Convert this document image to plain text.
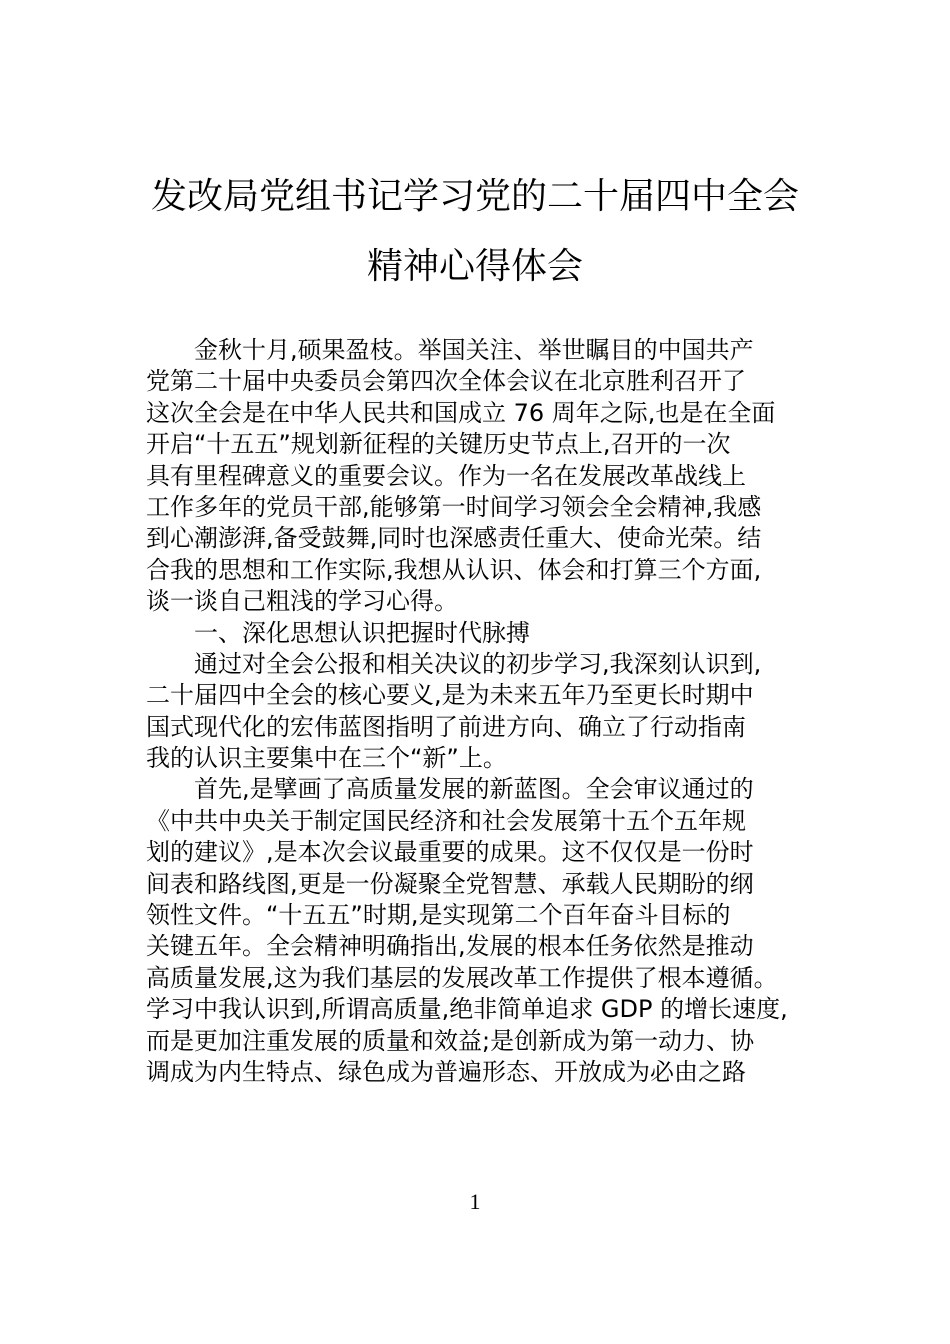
发改局党组书记学习党的二十届四中全会
精神心得体会
金秋十月,硕果盈枝。举国关注、举世瞩目的中国共产
党第二十届中央委员会第四次全体会议在北京胜利召开了
这次全会是在中华人民共和国成立 76 周年之际,也是在全面
开启“十五五”规划新征程的关键历史节点上,召开的一次
具有里程碑意义的重要会议。作为一名在发展改革战线上
工作多年的党员干部,能够第一时间学习领会全会精神,我感
到心潮澎湃,备受鼓舞,同时也深感责任重大、使命光荣。结
合我的思想和工作实际,我想从认识、体会和打算三个方面,
谈一谈自己粗浅的学习心得。
一、深化思想认识把握时代脉搏
通过对全会公报和相关决议的初步学习,我深刻认识到,
二十届四中全会的核心要义,是为未来五年乃至更长时期中
国式现代化的宏伟蓝图指明了前进方向、确立了行动指南
我的认识主要集中在三个“新”上。
首先,是擘画了高质量发展的新蓝图。全会审议通过的
《中共中央关于制定国民经济和社会发展第十五个五年规
划的建议》,是本次会议最重要的成果。这不仅仅是一份时
间表和路线图,更是一份凝聚全党智慧、承载人民期盼的纲
领性文件。“十五五”时期,是实现第二个百年奋斗目标的
关键五年。全会精神明确指出,发展的根本任务依然是推动
高质量发展,这为我们基层的发展改革工作提供了根本遵循。
学习中我认识到,所谓高质量,绝非简单追求 GDP 的增长速度,
而是更加注重发展的质量和效益;是创新成为第一动力、协
调成为内生特点、绿色成为普遍形态、开放成为必由之路
1
